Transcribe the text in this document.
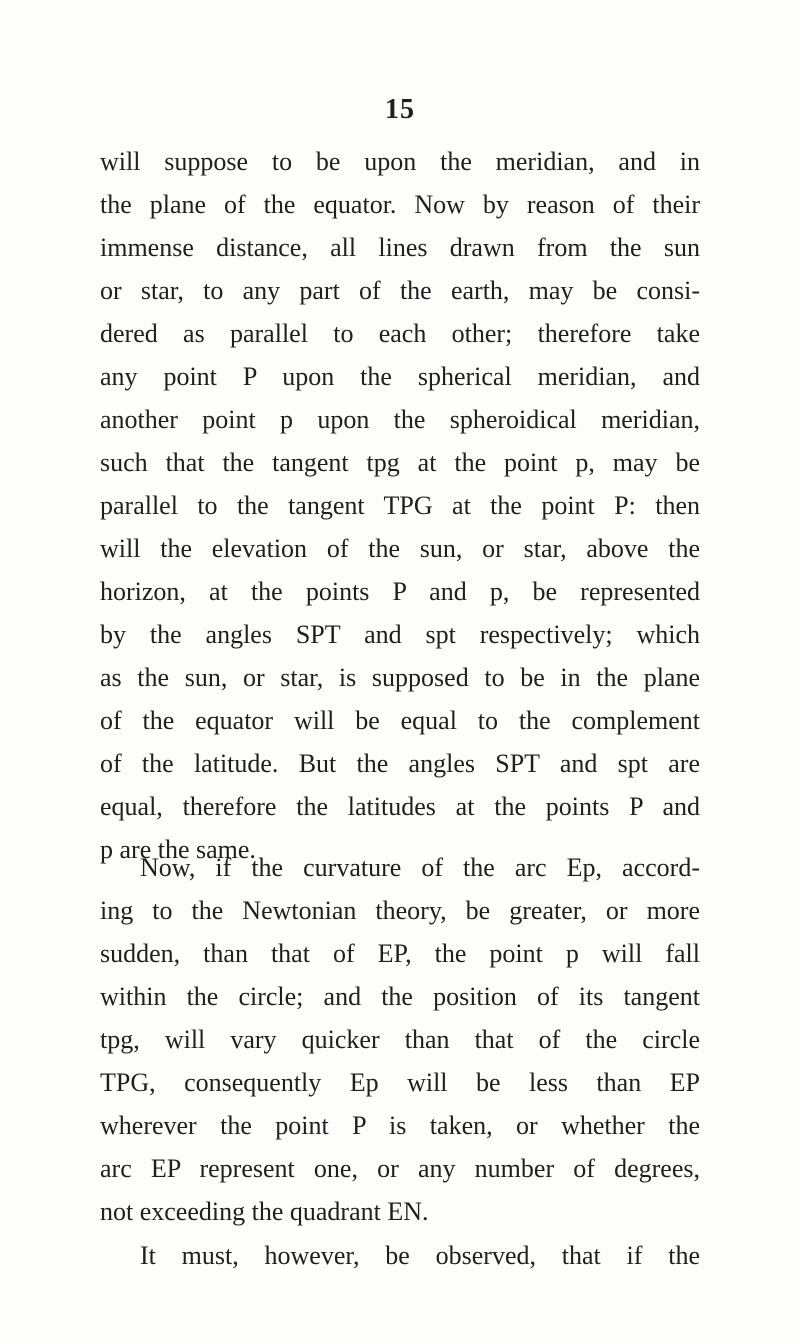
15
will suppose to be upon the meridian, and in
the plane of the equator. Now by reason of their
immense distance, all lines drawn from the sun
or star, to any part of the earth, may be consi-
dered as parallel to each other; therefore take
any point P upon the spherical meridian, and
another point p upon the spheroidical meridian,
such that the tangent tpg at the point p, may be
parallel to the tangent TPG at the point P: then
will the elevation of the sun, or star, above the
horizon, at the points P and p, be represented
by the angles SPT and spt respectively; which
as the sun, or star, is supposed to be in the plane
of the equator will be equal to the complement
of the latitude. But the angles SPT and spt are
equal, therefore the latitudes at the points P and
p are the same.
Now, if the curvature of the arc Ep, accord-
ing to the Newtonian theory, be greater, or more
sudden, than that of EP, the point p will fall
within the circle; and the position of its tangent
tpg, will vary quicker than that of the circle
TPG, consequently Ep will be less than EP
wherever the point P is taken, or whether the
arc EP represent one, or any number of degrees,
not exceeding the quadrant EN.
It must, however, be observed, that if the
